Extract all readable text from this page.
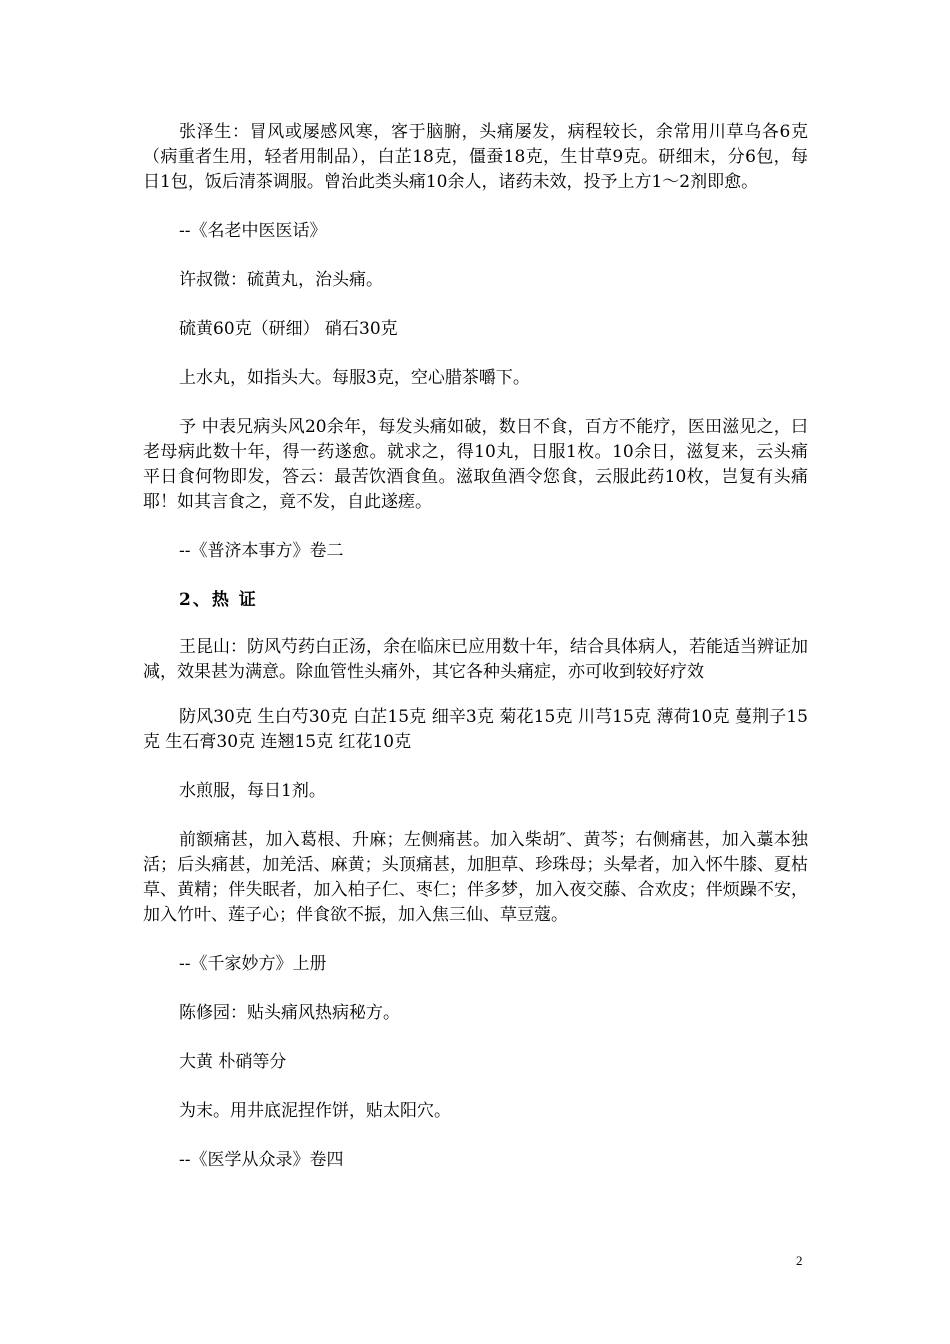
张泽生：冒风或屡感风寒，客于脑腑，头痛屡发，病程较长，余常用川草乌各6克（病重者生用，轻者用制品），白芷18克，僵蚕18克，生甘草9克。研细末，分6包，每日1包，饭后清茶调服。曾治此类头痛10余人，诸药未效，投予上方1～2剂即愈。

--《名老中医医话》

许叔微：硫黄丸，治头痛。

硫黄60克（研细） 硝石30克

上水丸，如指头大。每服3克，空心腊茶嚼下。

予 中表兄病头风20余年，每发头痛如破，数日不食，百方不能疗，医田滋见之，曰老母病此数十年，得一药遂愈。就求之，得10丸，日服1枚。10余日，滋复来，云头痛平日食何物即发，答云：最苦饮酒食鱼。滋取鱼酒令您食，云服此药10枚，岂复有头痛耶！如其言食之，竟不发，自此遂瘥。

--《普济本事方》卷二

2、热 证

王昆山：防风芍药白正汤，余在临床已应用数十年，结合具体病人，若能适当辨证加减，效果甚为满意。除血管性头痛外，其它各种头痛症，亦可收到较好疗效

防风30克 生白芍30克 白芷15克 细辛3克 菊花15克 川芎15克 薄荷10克 蔓荆子15克 生石膏30克 连翘15克 红花10克

水煎服，每日1剂。

前额痛甚，加入葛根、升麻；左侧痛甚。加入柴胡″、黄芩；右侧痛甚，加入藁本独活；后头痛甚，加羌活、麻黄；头顶痛甚，加胆草、珍珠母；头晕者，加入怀牛膝、夏枯草、黄精；伴失眠者，加入柏子仁、枣仁；伴多梦，加入夜交藤、合欢皮；伴烦躁不安，加入竹叶、莲子心；伴食欲不振，加入焦三仙、草豆蔻。

--《千家妙方》上册

陈修园：贴头痛风热病秘方。

大黄 朴硝等分

为末。用井底泥捏作饼，贴太阳穴。

--《医学从众录》卷四

2
